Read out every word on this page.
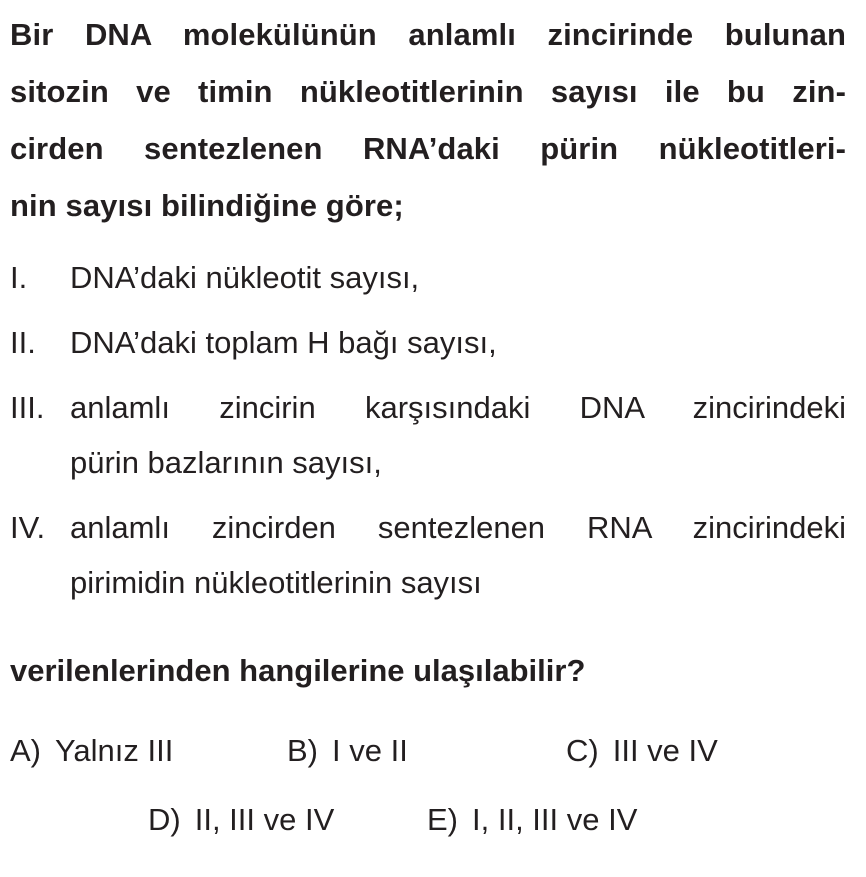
Bir DNA molekülünün anlamlı zincirinde bulunan
sitozin ve timin nükleotitlerinin sayısı ile bu zin-
cirden sentezlenen RNA’daki pürin nükleotitleri-
nin sayısı bilindiğine göre;
I. DNA’daki nükleotit sayısı,
II. DNA’daki toplam H bağı sayısı,
III. anlamlı zincirin karşısındaki DNA zincirindeki
pürin bazlarının sayısı,
IV. anlamlı zincirden sentezlenen RNA zincirindeki
pirimidin nükleotitlerinin sayısı
verilenlerinden hangilerine ulaşılabilir?
A) Yalnız III	B) I ve II	C) III ve IV
D) II, III ve IV	E) I, II, III ve IV
